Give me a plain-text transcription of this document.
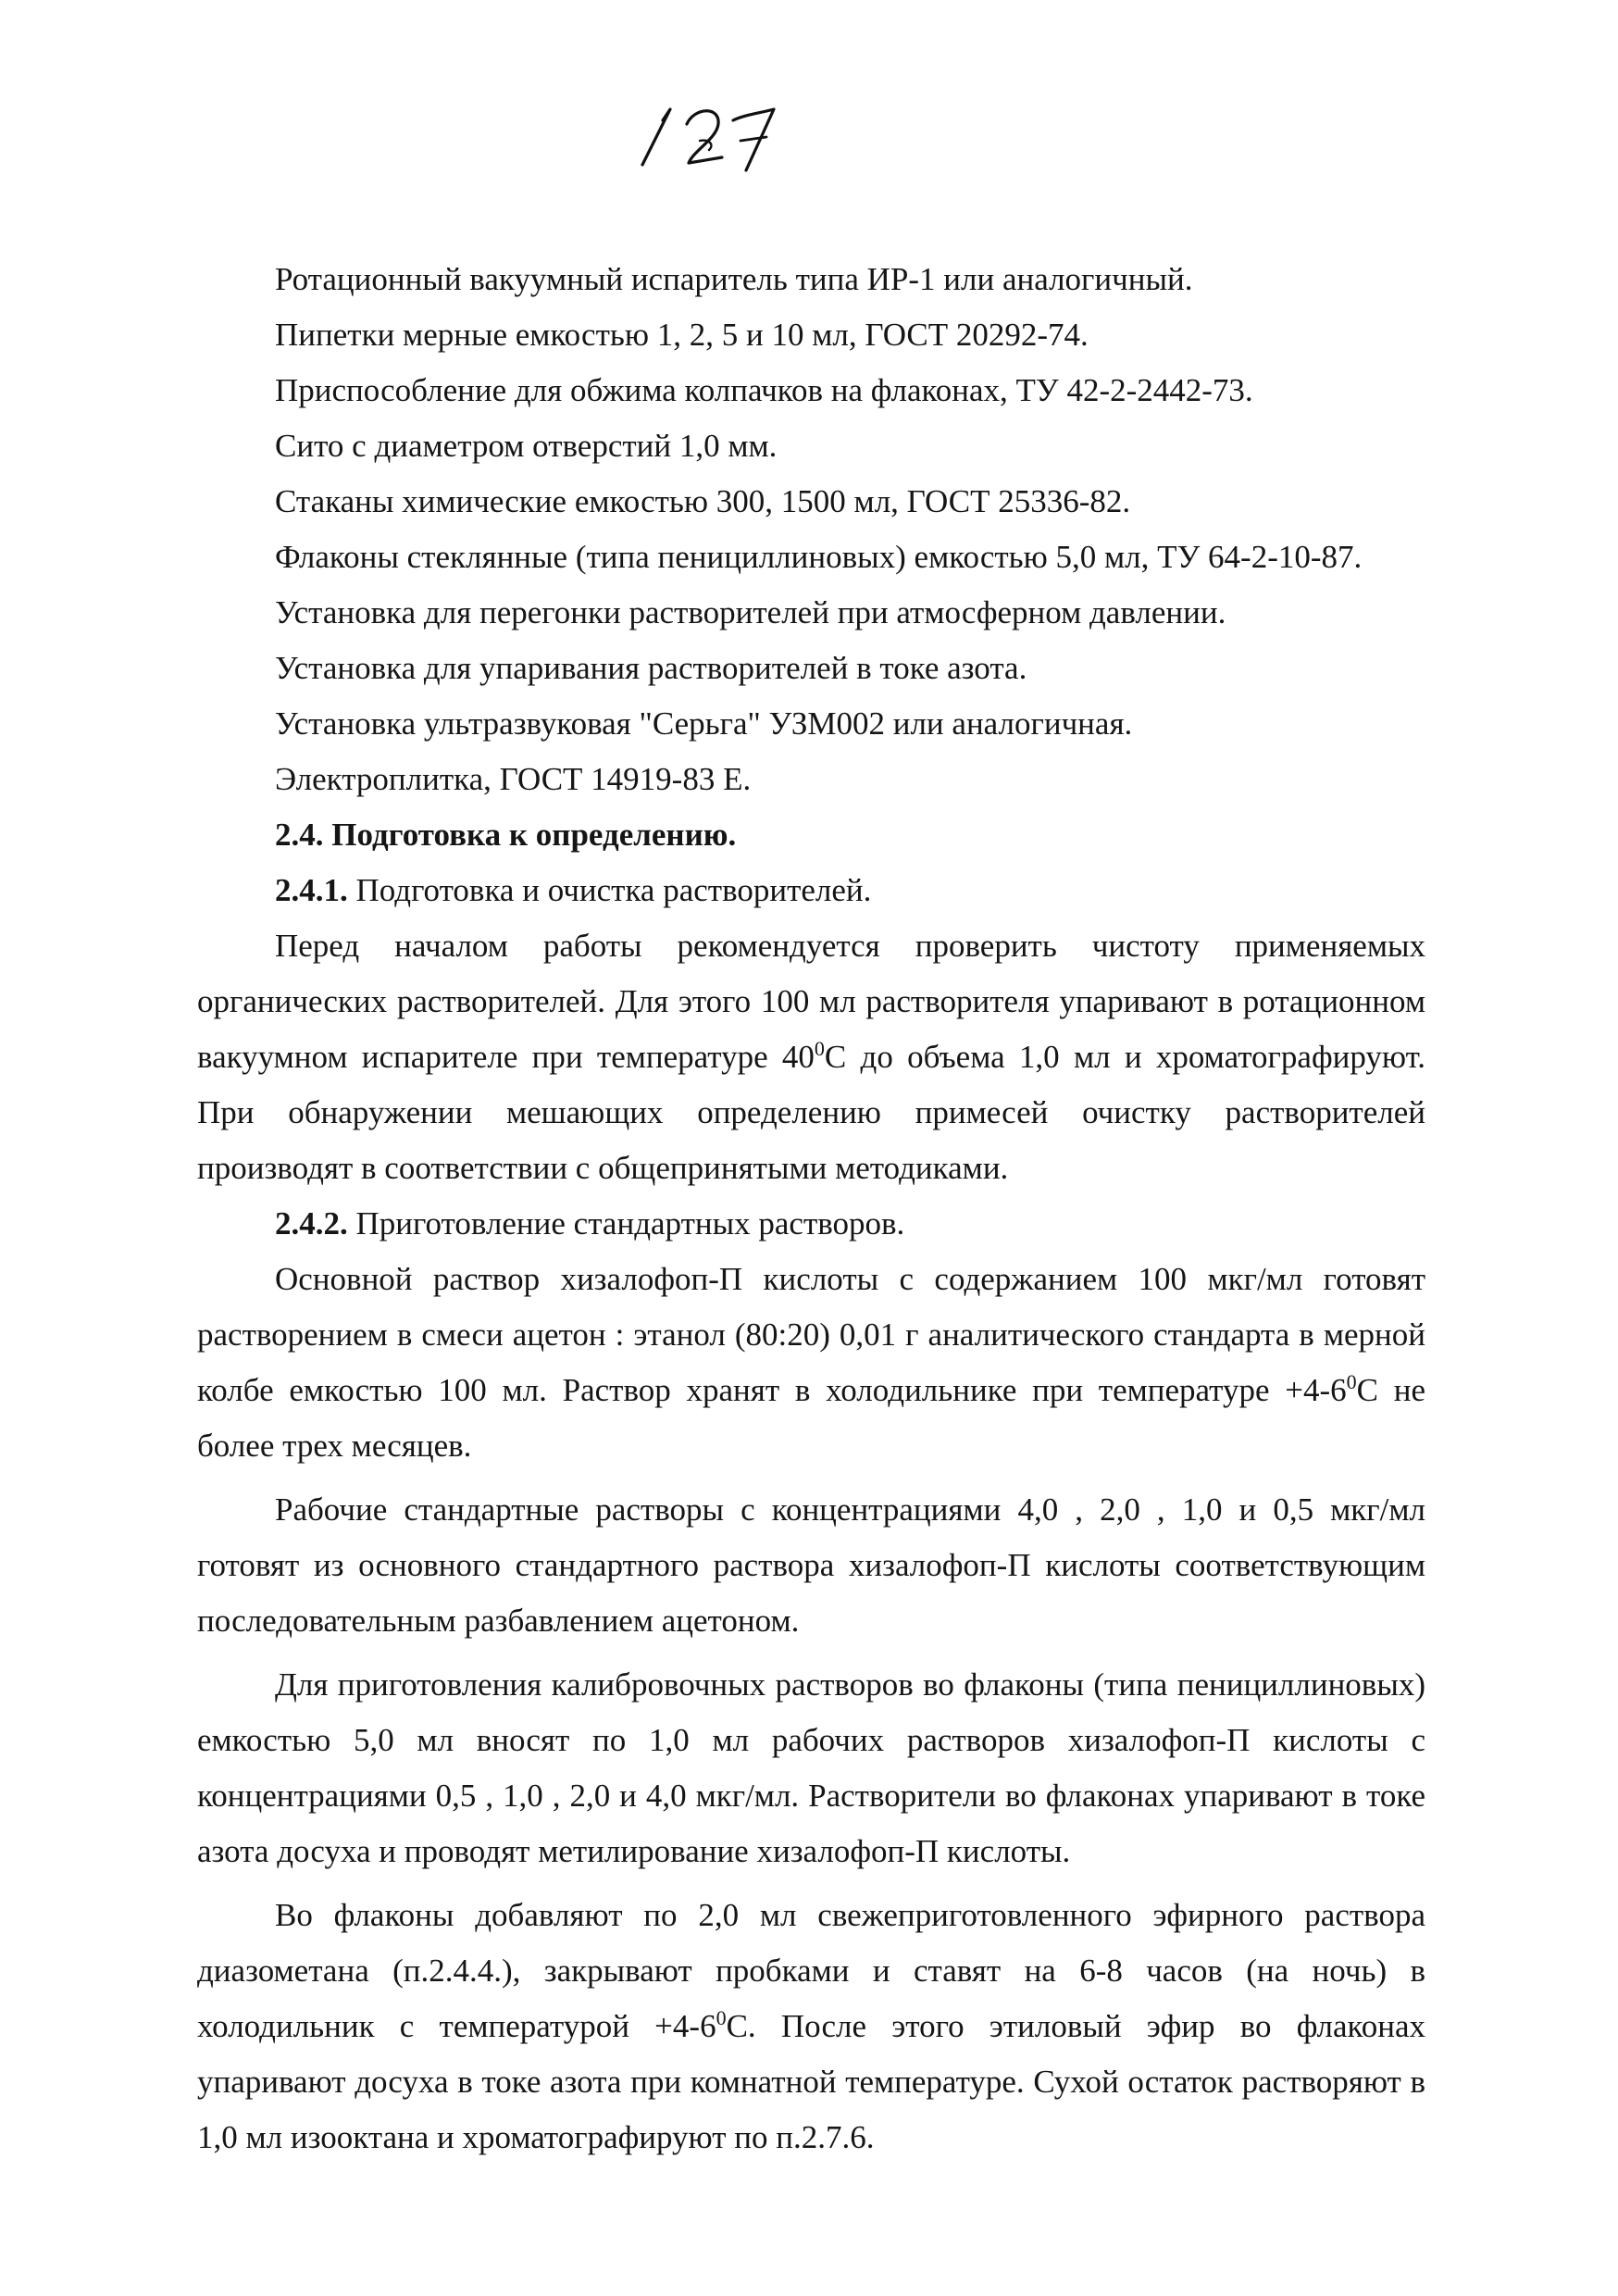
Ротационный вакуумный испаритель типа ИР-1 или аналогичный.
Пипетки мерные емкостью 1, 2, 5 и 10 мл, ГОСТ 20292-74.
Приспособление для обжима колпачков на флаконах, ТУ 42-2-2442-73.
Сито с диаметром отверстий 1,0 мм.
Стаканы химические емкостью 300, 1500 мл, ГОСТ 25336-82.
Флаконы стеклянные (типа пенициллиновых) емкостью 5,0 мл, ТУ 64-2-10-87.
Установка для перегонки растворителей при атмосферном давлении.
Установка для упаривания растворителей в токе азота.
Установка ультразвуковая "Серьга" УЗМ002 или аналогичная.
Электроплитка, ГОСТ 14919-83 Е.
2.4. Подготовка к определению.
2.4.1. Подготовка и очистка растворителей.

Перед началом работы рекомендуется проверить чистоту применяемых органических растворителей. Для этого 100 мл растворителя упаривают в ротационном вакуумном испарителе при температуре $40^0С$ до объема 1,0 мл и хроматографируют. При обнаружении мешающих определению примесей очистку растворителей производят в соответствии с общепринятыми методиками.

2.4.2. Приготовление стандартных растворов.

Основной раствор хизалофоп-П кислоты с содержанием 100 мкг/мл готовят растворением в смеси ацетон : этанол (80:20) 0,01 г аналитического стандарта в мерной колбе емкостью 100 мл. Раствор хранят в холодильнике при температуре $+4-6^0С$ не более трех месяцев.

Рабочие стандартные растворы с концентрациями 4,0 , 2,0 , 1,0 и 0,5 мкг/мл готовят из основного стандартного раствора хизалофоп-П кислоты соответствующим последовательным разбавлением ацетоном.

Для приготовления калибровочных растворов во флаконы (типа пенициллиновых) емкостью 5,0 мл вносят по 1,0 мл рабочих растворов хизалофоп-П кислоты с концентрациями 0,5 , 1,0 , 2,0 и 4,0 мкг/мл. Растворители во флаконах упаривают в токе азота досуха и проводят метилирование хизалофоп-П кислоты.

Во флаконы добавляют по 2,0 мл свежеприготовленного эфирного раствора диазометана (п.2.4.4.), закрывают пробками и ставят на 6-8 часов (на ночь) в холодильник с температурой $+4-6^0С$. После этого этиловый эфир во флаконах упаривают досуха в токе азота при комнатной температуре. Сухой остаток растворяют в 1,0 мл изооктана и хроматографируют по п.2.7.6.
